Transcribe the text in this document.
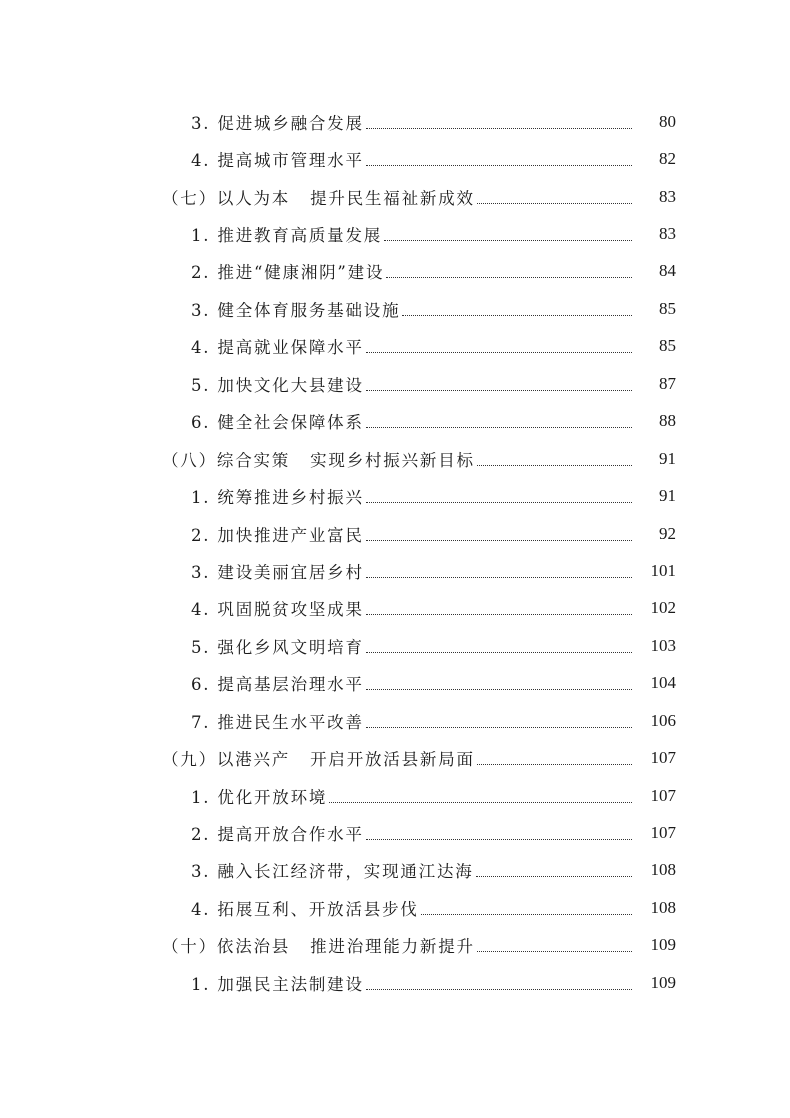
3. 促进城乡融合发展	80
4. 提高城市管理水平	82
（七）以人为本 提升民生福祉新成效	83
1. 推进教育高质量发展	83
2. 推进“健康湘阴”建设	84
3. 健全体育服务基础设施	85
4. 提高就业保障水平	85
5. 加快文化大县建设	87
6. 健全社会保障体系	88
（八）综合实策 实现乡村振兴新目标	91
1. 统筹推进乡村振兴	91
2. 加快推进产业富民	92
3. 建设美丽宜居乡村	101
4. 巩固脱贫攻坚成果	102
5. 强化乡风文明培育	103
6. 提高基层治理水平	104
7. 推进民生水平改善	106
（九）以港兴产 开启开放活县新局面	107
1. 优化开放环境	107
2. 提高开放合作水平	107
3. 融入长江经济带，实现通江达海	108
4. 拓展互利、开放活县步伐	108
（十）依法治县 推进治理能力新提升	109
1. 加强民主法制建设	109
